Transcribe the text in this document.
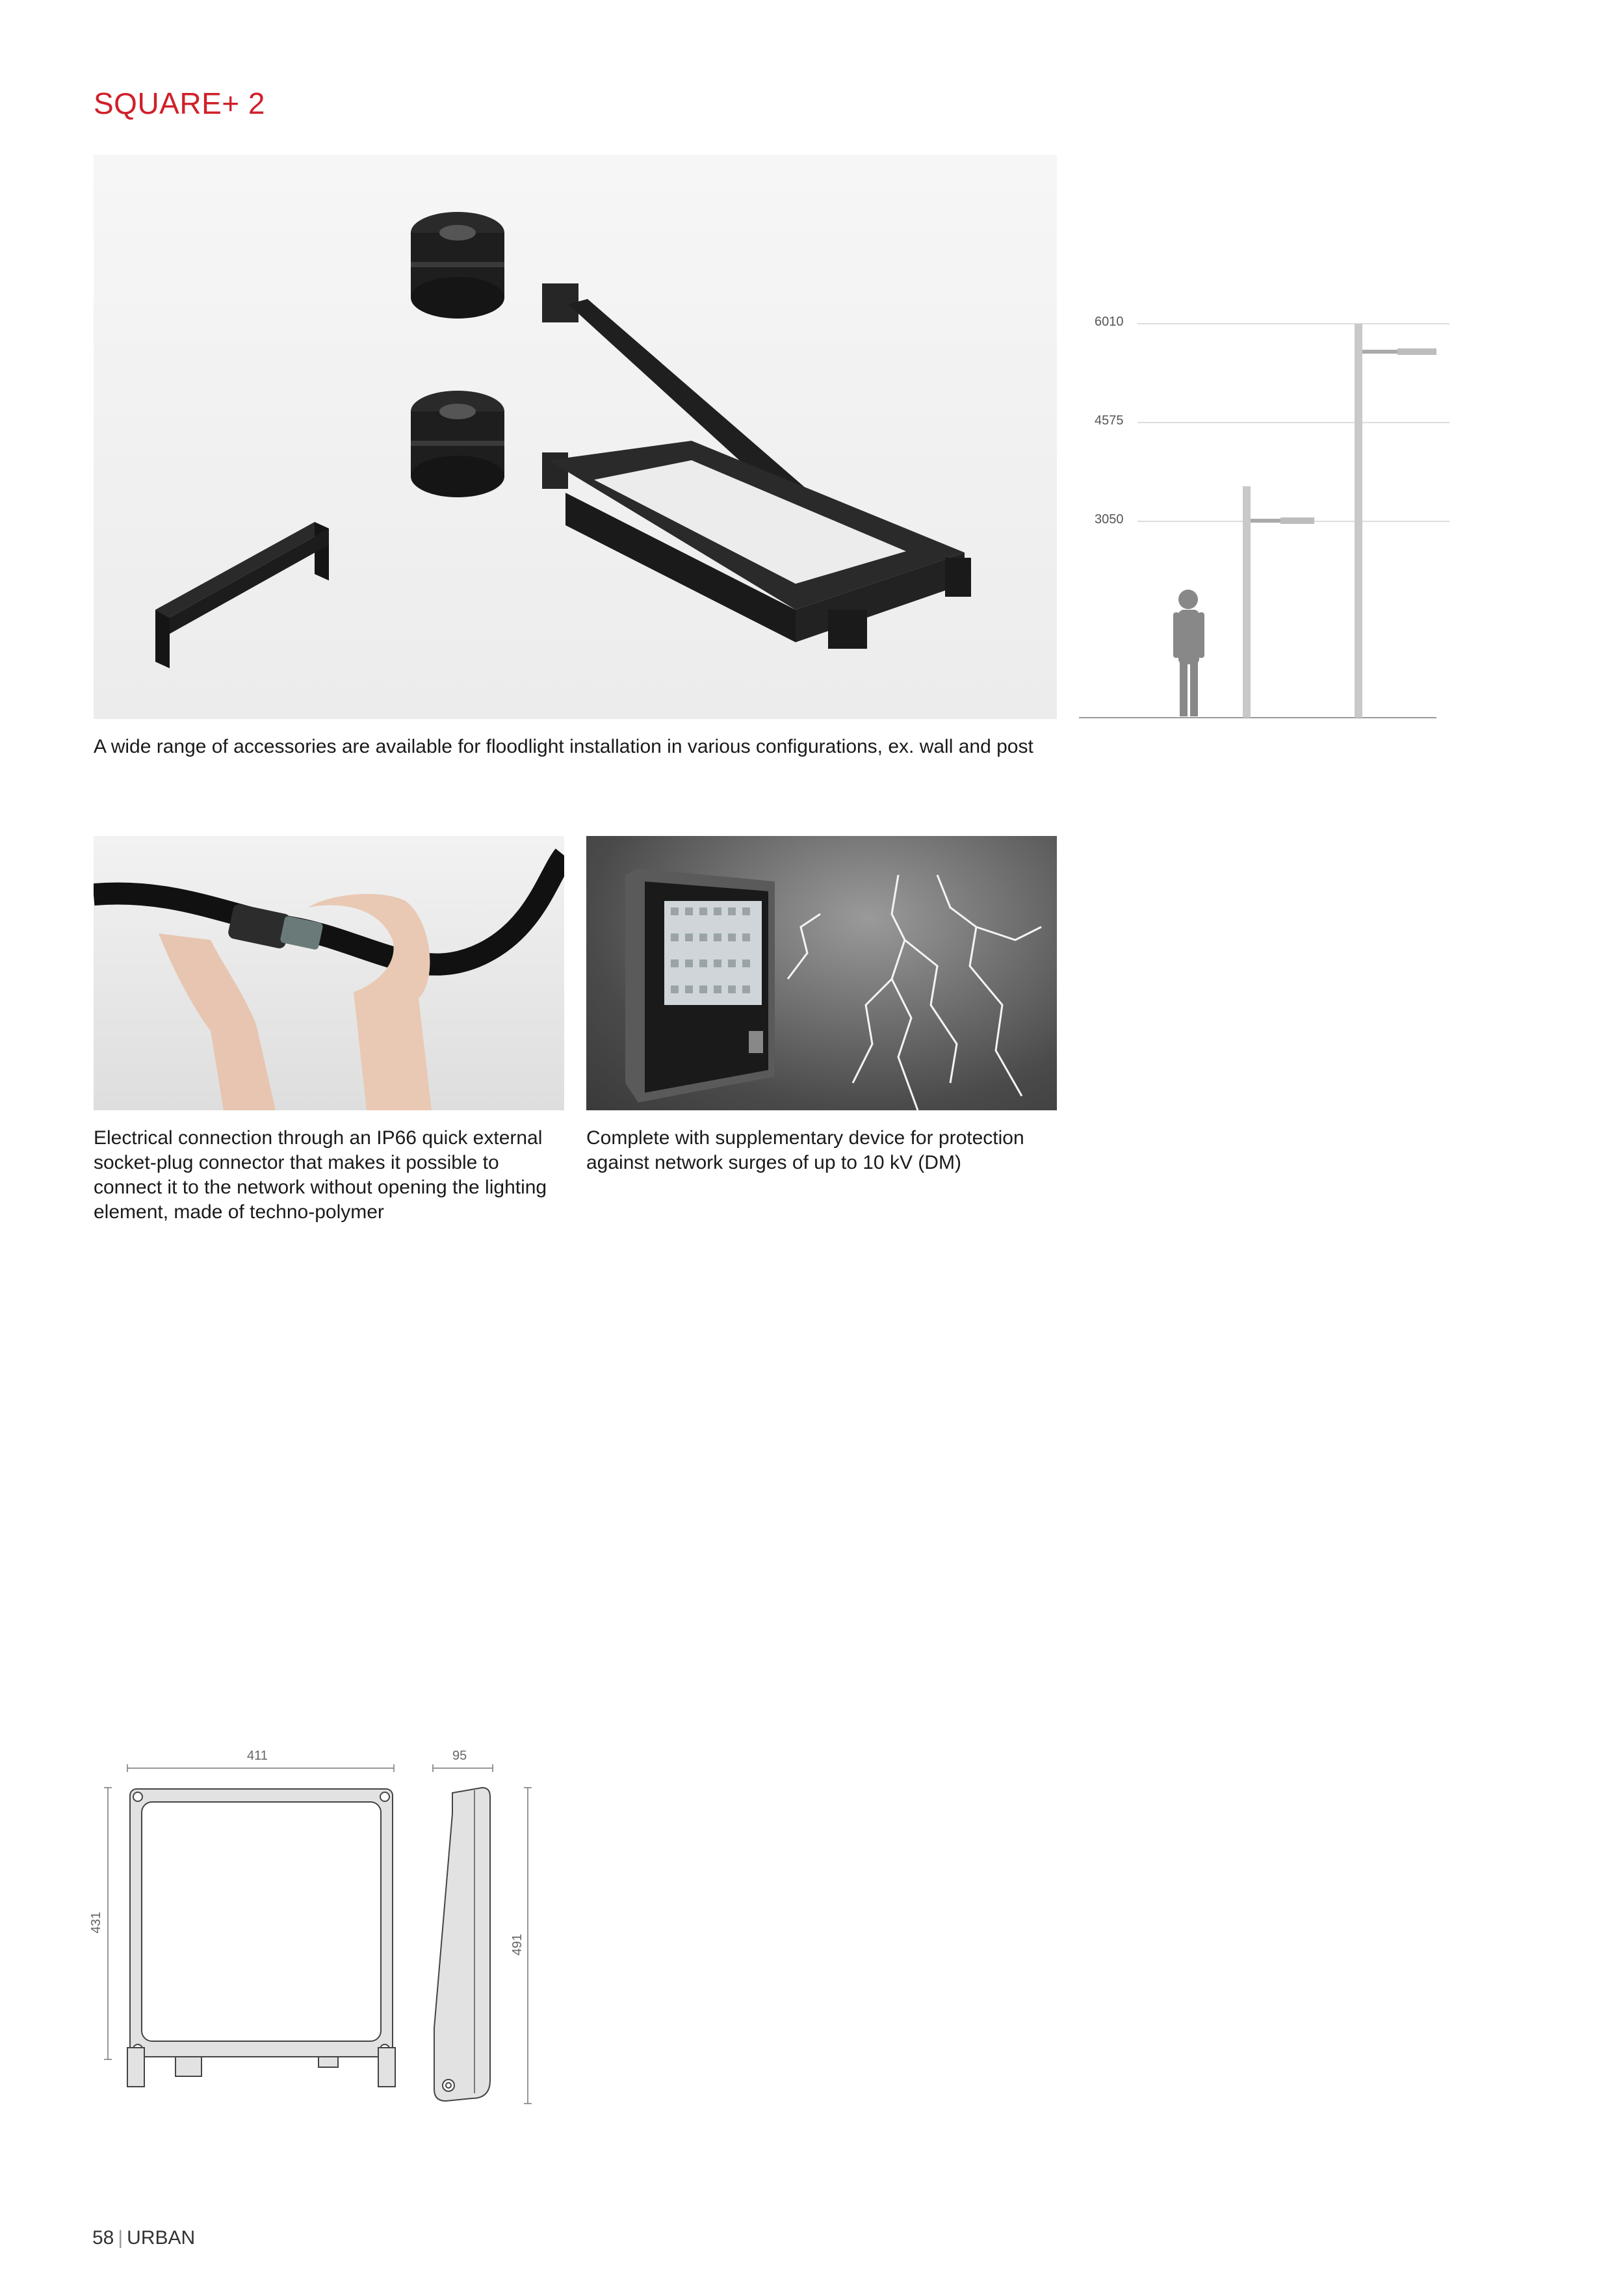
SQUARE+ 2
6010
4575
3050
A wide range of accessories are available for floodlight installation in various configurations, ex. wall and post
Electrical connection through an IP66 quick external socket-plug connector that makes it possible to connect it to the network without opening the lighting element, made of techno-polymer
Complete with supplementary device for protection against network surges of up to 10 kV (DM)
411	95
431
491
58 | URBAN
